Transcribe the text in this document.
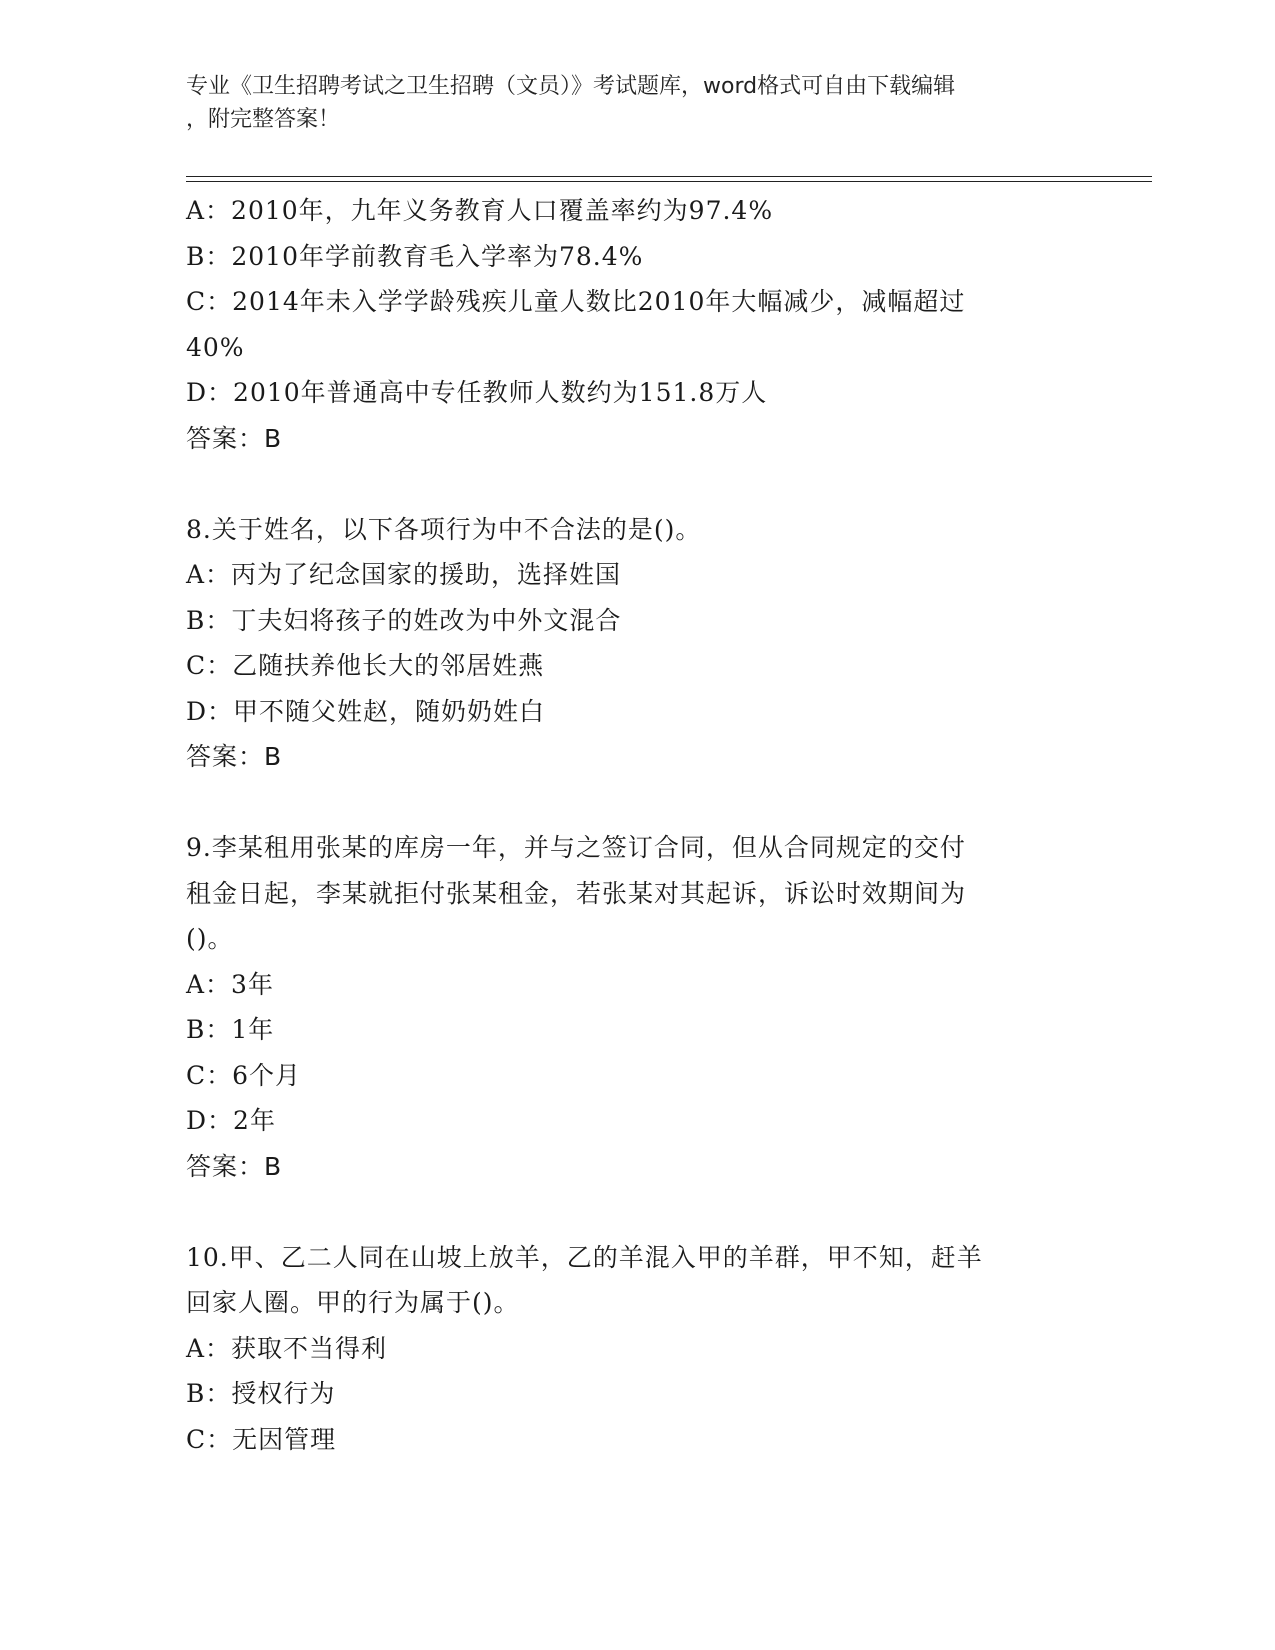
专业《卫生招聘考试之卫生招聘（文员）》考试题库，word格式可自由下载编辑
，附完整答案！
A：2010年，九年义务教育人口覆盖率约为97.4%
B：2010年学前教育毛入学率为78.4%
C：2014年未入学学龄残疾儿童人数比2010年大幅减少，减幅超过
40%
D：2010年普通高中专任教师人数约为151.8万人
答案：B
8.关于姓名，以下各项行为中不合法的是()。
A：丙为了纪念国家的援助，选择姓国
B：丁夫妇将孩子的姓改为中外文混合
C：乙随扶养他长大的邻居姓燕
D：甲不随父姓赵，随奶奶姓白
答案：B
9.李某租用张某的库房一年，并与之签订合同，但从合同规定的交付
租金日起，李某就拒付张某租金，若张某对其起诉，诉讼时效期间为
()。
A：3年
B：1年
C：6个月
D：2年
答案：B
10.甲、乙二人同在山坡上放羊，乙的羊混入甲的羊群，甲不知，赶羊
回家人圈。甲的行为属于()。
A：获取不当得利
B：授权行为
C：无因管理
